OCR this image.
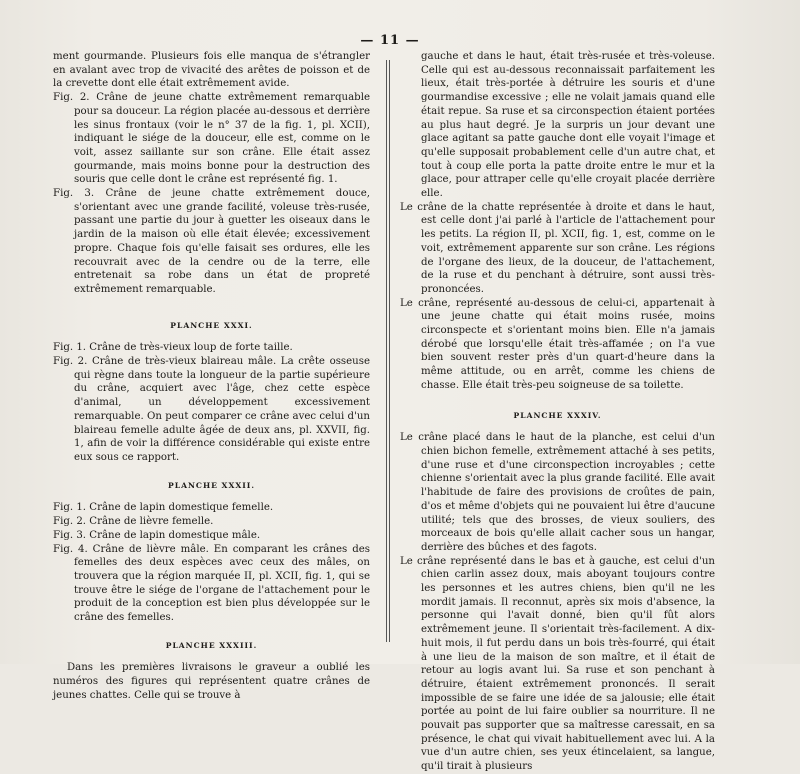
— 11 —

ment gourmande. Plusieurs fois elle manqua de s'étrangler en avalant avec trop de vivacité des arêtes de poisson et de la crevette dont elle était extrêmement avide.

Fig. 2. Crâne de jeune chatte extrêmement remarquable pour sa douceur. La région placée au-dessous et derrière les sinus frontaux (voir le n° 37 de la fig. 1, pl. XCII), indiquant le siége de la douceur, elle est, comme on le voit, assez saillante sur son crâne. Elle était assez gourmande, mais moins bonne pour la destruction des souris que celle dont le crâne est représenté fig. 1.

Fig. 3. Crâne de jeune chatte extrêmement douce, s'orientant avec une grande facilité, voleuse très-rusée, passant une partie du jour à guetter les oiseaux dans le jardin de la maison où elle était élevée; excessivement propre. Chaque fois qu'elle faisait ses ordures, elle les recouvrait avec de la cendre ou de la terre, elle entretenait sa robe dans un état de propreté extrêmement remarquable.

PLANCHE XXXI.

Fig. 1. Crâne de très-vieux loup de forte taille.

Fig. 2. Crâne de très-vieux blaireau mâle. La crête osseuse qui règne dans toute la longueur de la partie supérieure du crâne, acquiert avec l'âge, chez cette espèce d'animal, un développement excessivement remarquable. On peut comparer ce crâne avec celui d'un blaireau femelle adulte âgée de deux ans, pl. XXVII, fig. 1, afin de voir la différence considérable qui existe entre eux sous ce rapport.

PLANCHE XXXII.

Fig. 1. Crâne de lapin domestique femelle.

Fig. 2. Crâne de lièvre femelle.

Fig. 3. Crâne de lapin domestique mâle.

Fig. 4. Crâne de lièvre mâle. En comparant les crânes des femelles des deux espèces avec ceux des mâles, on trouvera que la région marquée II, pl. XCII, fig. 1, qui se trouve être le siége de l'organe de l'attachement pour le produit de la conception est bien plus développée sur le crâne des femelles.

PLANCHE XXXIII.

Dans les premières livraisons le graveur a oublié les numéros des figures qui représentent quatre crânes de jeunes chattes. Celle qui se trouve à

gauche et dans le haut, était très-rusée et très-voleuse. Celle qui est au-dessous reconnaissait parfaitement les lieux, était très-portée à détruire les souris et d'une gourmandise excessive ; elle ne volait jamais quand elle était repue. Sa ruse et sa circonspection étaient portées au plus haut degré. Je la surpris un jour devant une glace agitant sa patte gauche dont elle voyait l'image et qu'elle supposait probablement celle d'un autre chat, et tout à coup elle porta la patte droite entre le mur et la glace, pour attraper celle qu'elle croyait placée derrière elle.

Le crâne de la chatte représentée à droite et dans le haut, est celle dont j'ai parlé à l'article de l'attachement pour les petits. La région II, pl. XCII, fig. 1, est, comme on le voit, extrêmement apparente sur son crâne. Les régions de l'organe des lieux, de la douceur, de l'attachement, de la ruse et du penchant à détruire, sont aussi très-prononcées.

Le crâne, représenté au-dessous de celui-ci, appartenait à une jeune chatte qui était moins rusée, moins circonspecte et s'orientant moins bien. Elle n'a jamais dérobé que lorsqu'elle était très-affamée ; on l'a vue bien souvent rester près d'un quart-d'heure dans la même attitude, ou en arrêt, comme les chiens de chasse. Elle était très-peu soigneuse de sa toilette.

PLANCHE XXXIV.

Le crâne placé dans le haut de la planche, est celui d'un chien bichon femelle, extrêmement attaché à ses petits, d'une ruse et d'une circonspection incroyables ; cette chienne s'orientait avec la plus grande facilité. Elle avait l'habitude de faire des provisions de croûtes de pain, d'os et même d'objets qui ne pouvaient lui être d'aucune utilité; tels que des brosses, de vieux souliers, des morceaux de bois qu'elle allait cacher sous un hangar, derrière des bûches et des fagots.

Le crâne représenté dans le bas et à gauche, est celui d'un chien carlin assez doux, mais aboyant toujours contre les personnes et les autres chiens, bien qu'il ne les mordit jamais. Il reconnut, après six mois d'absence, la personne qui l'avait donné, bien qu'il fût alors extrêmement jeune. Il s'orientait très-facilement. A dix-huit mois, il fut perdu dans un bois très-fourré, qui était à une lieu de la maison de son maître, et il était de retour au logis avant lui. Sa ruse et son penchant à détruire, étaient extrêmement prononcés. Il serait impossible de se faire une idée de sa jalousie; elle était portée au point de lui faire oublier sa nourriture. Il ne pouvait pas supporter que sa maîtresse caressait, en sa présence, le chat qui vivait habituellement avec lui. A la vue d'un autre chien, ses yeux étincelaient, sa langue, qu'il tirait à plusieurs
